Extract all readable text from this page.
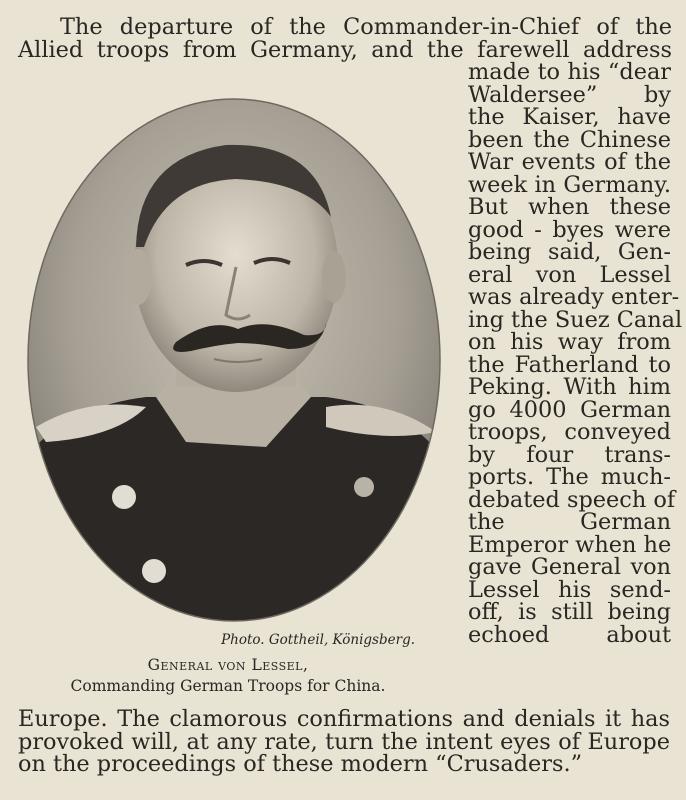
The departure of the Commander-in-Chief of the
Allied troops from Germany, and the farewell address
made to his “dear
Waldersee” by
the Kaiser, have
been the Chinese
War events of the
week in Germany.
But when these
good - byes were
being said, Gen-
eral von Lessel
was already enter-
ing the Suez Canal
on his way from
the Fatherland to
Peking. With him
go 4000 German
troops, conveyed
by four trans-
ports. The much-
debated speech of
the German
Emperor when he
gave General von
Lessel his send-
off, is still being
echoed about
Photo. Gottheil, Königsberg.
General von Lessel,
Commanding German Troops for China.
Europe. The clamorous confirmations and denials it has
provoked will, at any rate, turn the intent eyes of Europe
on the proceedings of these modern “Crusaders.”
